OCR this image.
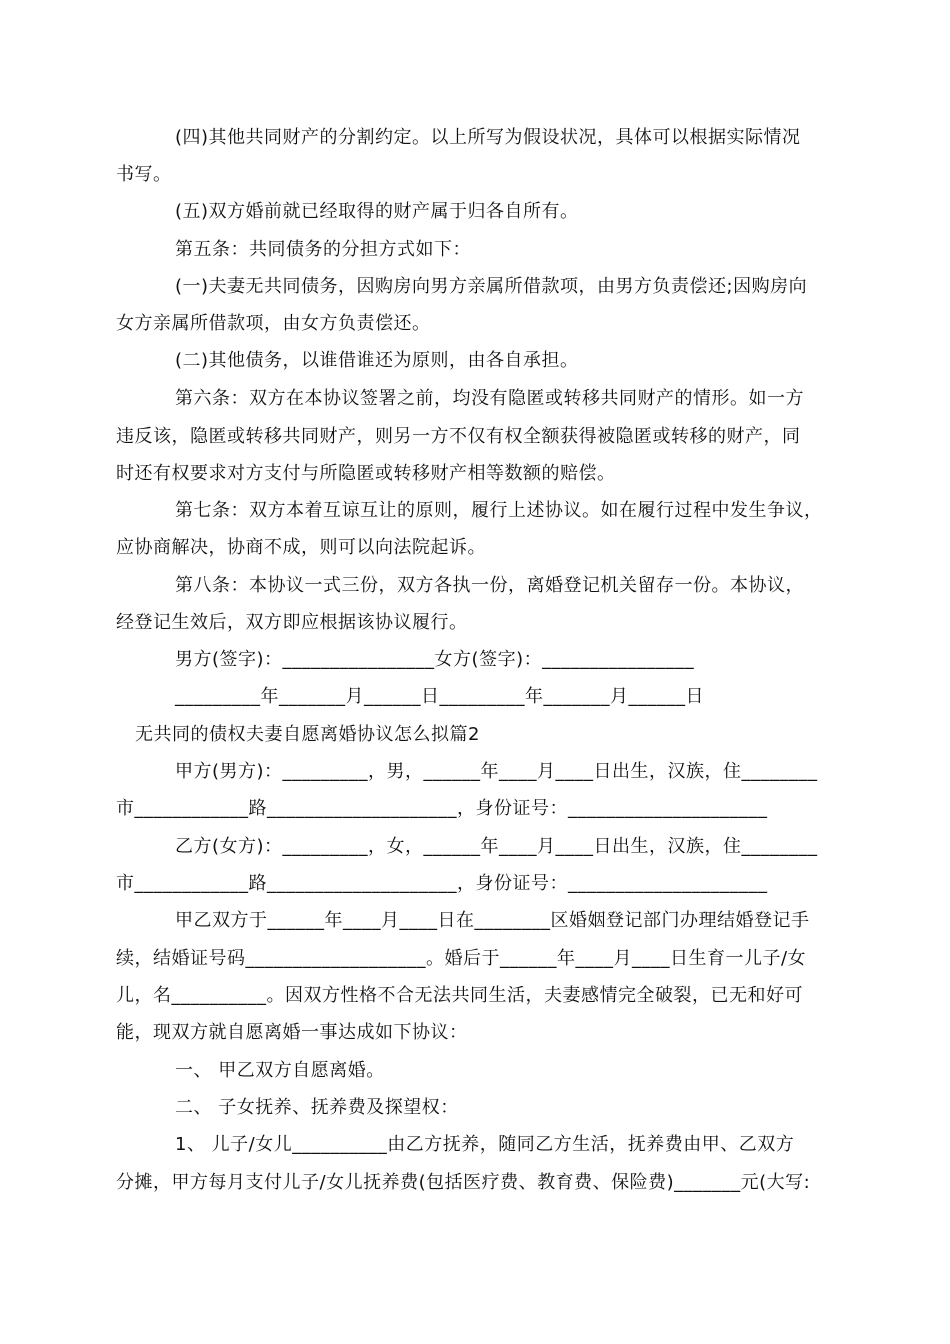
(四)其他共同财产的分割约定。以上所写为假设状况，具体可以根据实际情况
书写。
(五)双方婚前就已经取得的财产属于归各自所有。
第五条：共同债务的分担方式如下：
(一)夫妻无共同债务，因购房向男方亲属所借款项，由男方负责偿还;因购房向
女方亲属所借款项，由女方负责偿还。
(二)其他债务，以谁借谁还为原则，由各自承担。
第六条：双方在本协议签署之前，均没有隐匿或转移共同财产的情形。如一方
违反该，隐匿或转移共同财产，则另一方不仅有权全额获得被隐匿或转移的财产，同
时还有权要求对方支付与所隐匿或转移财产相等数额的赔偿。
第七条：双方本着互谅互让的原则，履行上述协议。如在履行过程中发生争议，
应协商解决，协商不成，则可以向法院起诉。
第八条：本协议一式三份，双方各执一份，离婚登记机关留存一份。本协议，
经登记生效后，双方即应根据该协议履行。
男方(签字)：________________女方(签字)：________________
_________年_______月______日_________年_______月______日
无共同的债权夫妻自愿离婚协议怎么拟篇2
甲方(男方)：_________，男，______年____月____日出生，汉族，住________
市____________路____________________，身份证号：_____________________
乙方(女方)：_________，女，______年____月____日出生，汉族，住________
市____________路____________________，身份证号：_____________________
甲乙双方于______年____月____日在________区婚姻登记部门办理结婚登记手
续，结婚证号码___________________。婚后于______年____月____日生育一儿子/女
儿，名__________。因双方性格不合无法共同生活，夫妻感情完全破裂，已无和好可
能，现双方就自愿离婚一事达成如下协议：
一、 甲乙双方自愿离婚。
二、 子女抚养、抚养费及探望权：
1、 儿子/女儿__________由乙方抚养，随同乙方生活，抚养费由甲、乙双方
分摊，甲方每月支付儿子/女儿抚养费(包括医疗费、教育费、保险费)_______元(大写:
